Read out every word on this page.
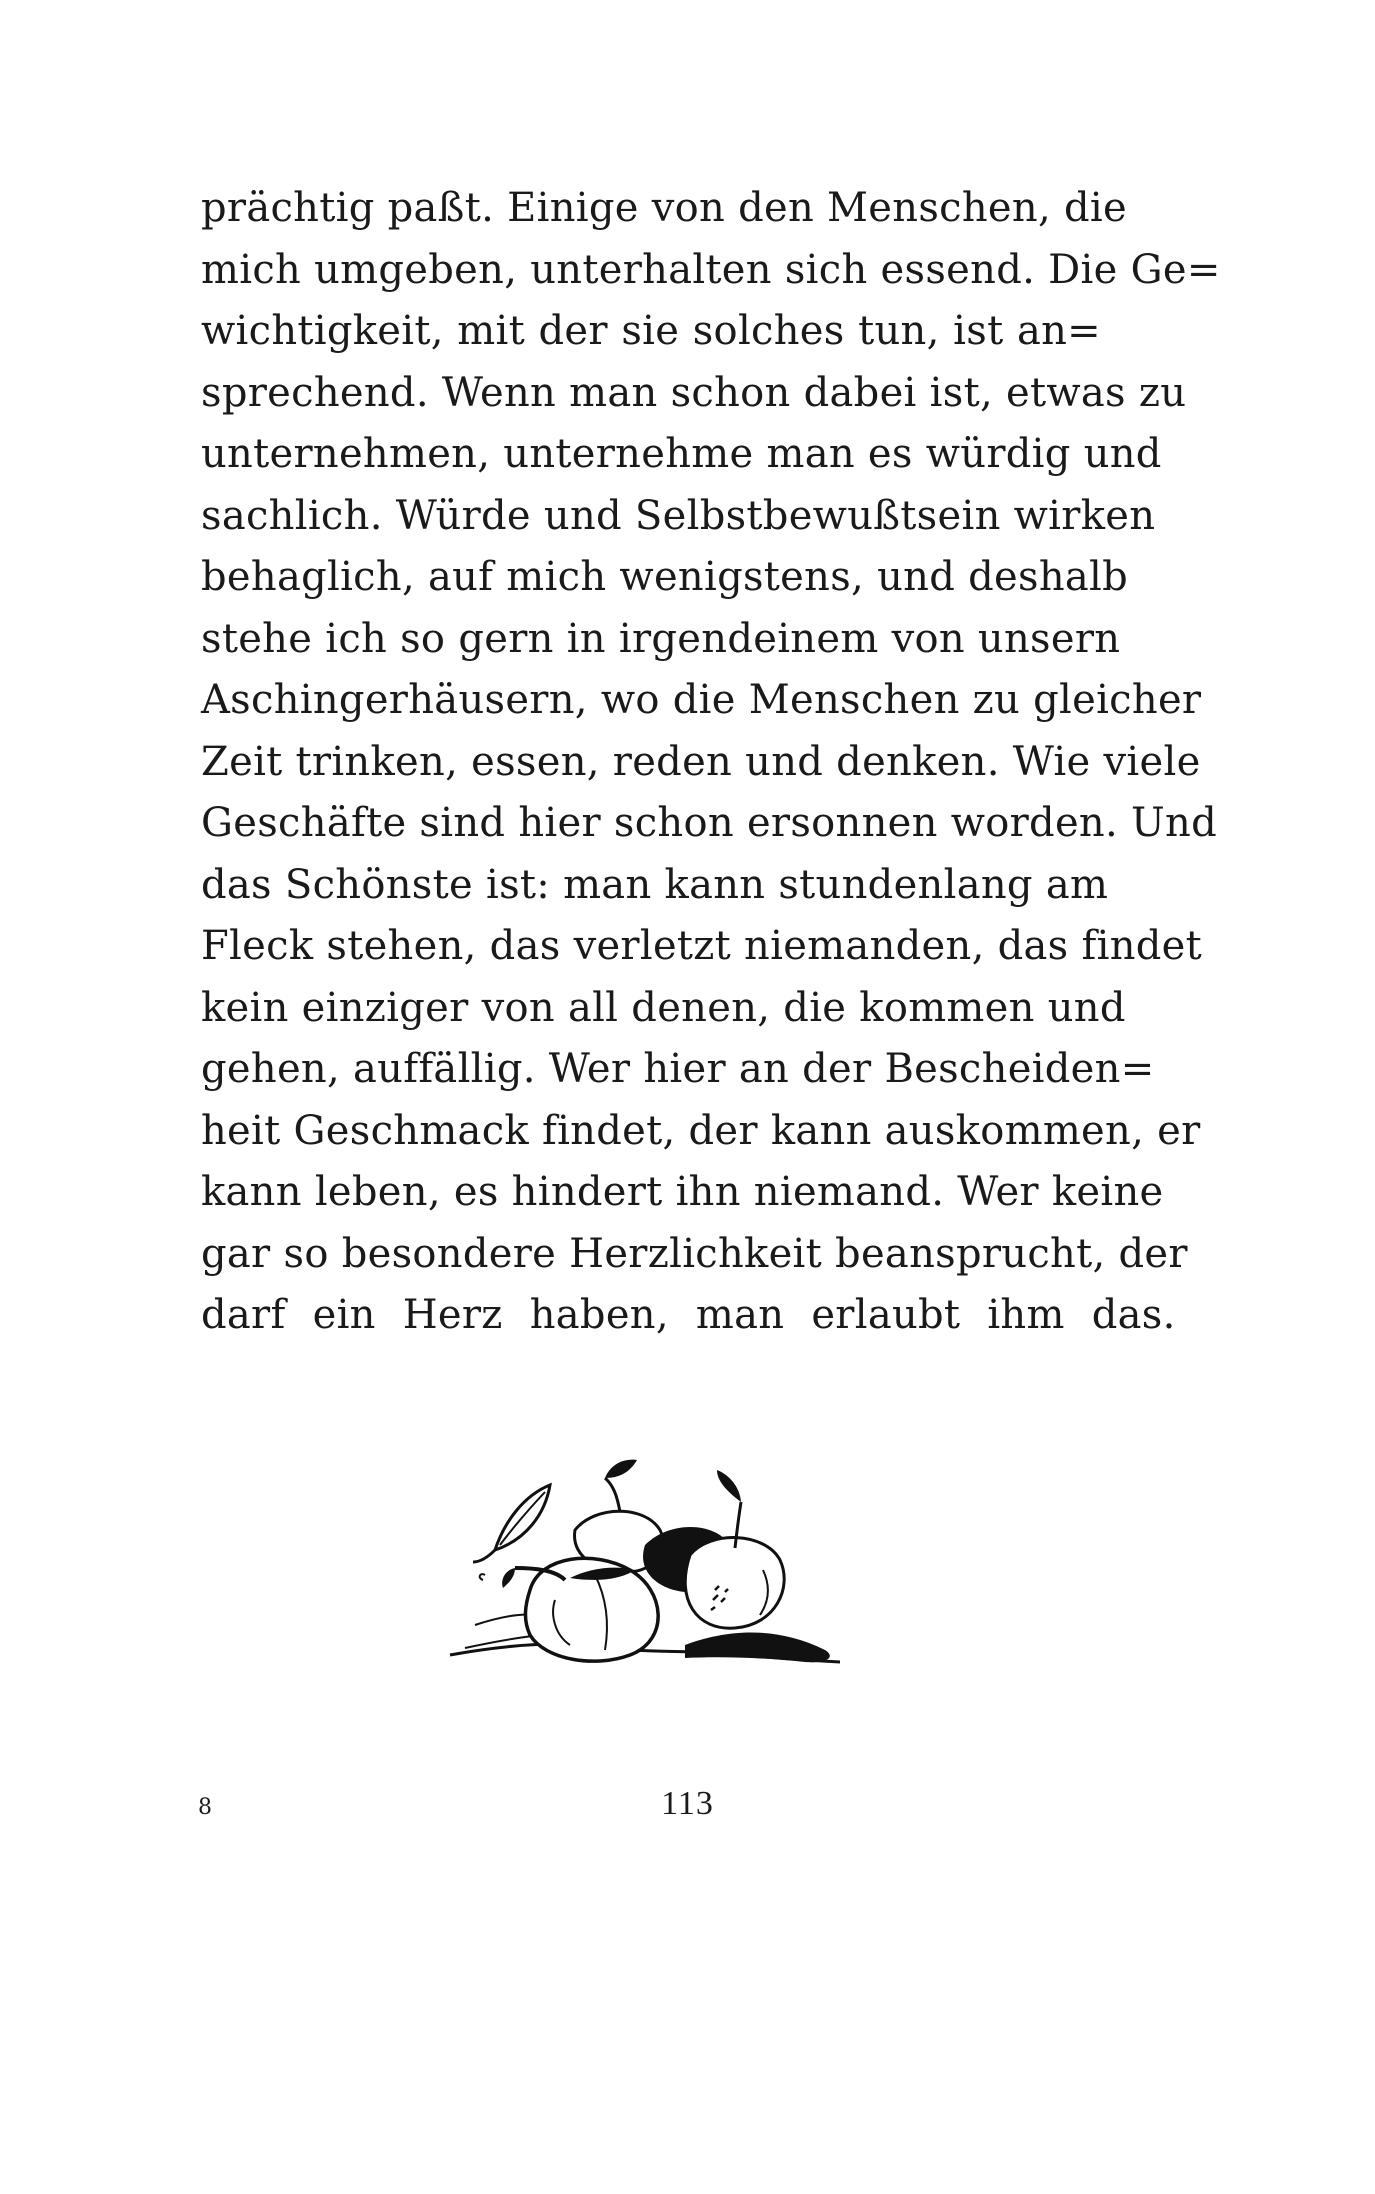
prächtig paßt. Einige von den Menschen, die
mich umgeben, unterhalten sich essend. Die Ge=
wichtigkeit, mit der sie solches tun, ist an=
sprechend. Wenn man schon dabei ist, etwas zu
unternehmen, unternehme man es würdig und
sachlich. Würde und Selbstbewußtsein wirken
behaglich, auf mich wenigstens, und deshalb
stehe ich so gern in irgendeinem von unsern
Aschingerhäusern, wo die Menschen zu gleicher
Zeit trinken, essen, reden und denken. Wie viele
Geschäfte sind hier schon ersonnen worden. Und
das Schönste ist: man kann stundenlang am
Fleck stehen, das verletzt niemanden, das findet
kein einziger von all denen, die kommen und
gehen, auffällig. Wer hier an der Bescheiden=
heit Geschmack findet, der kann auskommen, er
kann leben, es hindert ihn niemand. Wer keine
gar so besondere Herzlichkeit beansprucht, der
darf ein Herz haben, man erlaubt ihm das.
8	113
